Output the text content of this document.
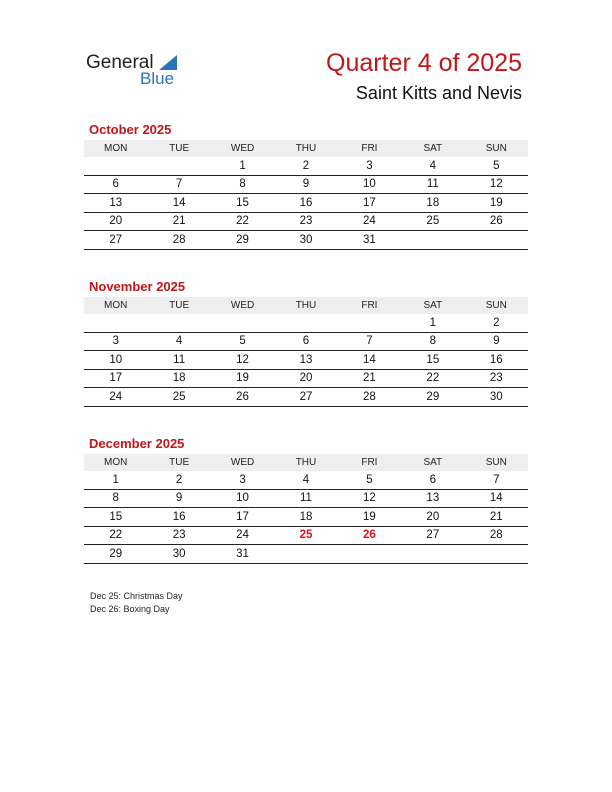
General
Blue
Quarter 4 of 2025
Saint Kitts and Nevis
October 2025
MON	TUE	WED	THU	FRI	SAT	SUN
		1	2	3	4	5
6	7	8	9	10	11	12
13	14	15	16	17	18	19
20	21	22	23	24	25	26
27	28	29	30	31		
November 2025
MON	TUE	WED	THU	FRI	SAT	SUN
					1	2
3	4	5	6	7	8	9
10	11	12	13	14	15	16
17	18	19	20	21	22	23
24	25	26	27	28	29	30
December 2025
MON	TUE	WED	THU	FRI	SAT	SUN
1	2	3	4	5	6	7
8	9	10	11	12	13	14
15	16	17	18	19	20	21
22	23	24	25	26	27	28
29	30	31				
Dec 25: Christmas Day
Dec 26: Boxing Day
